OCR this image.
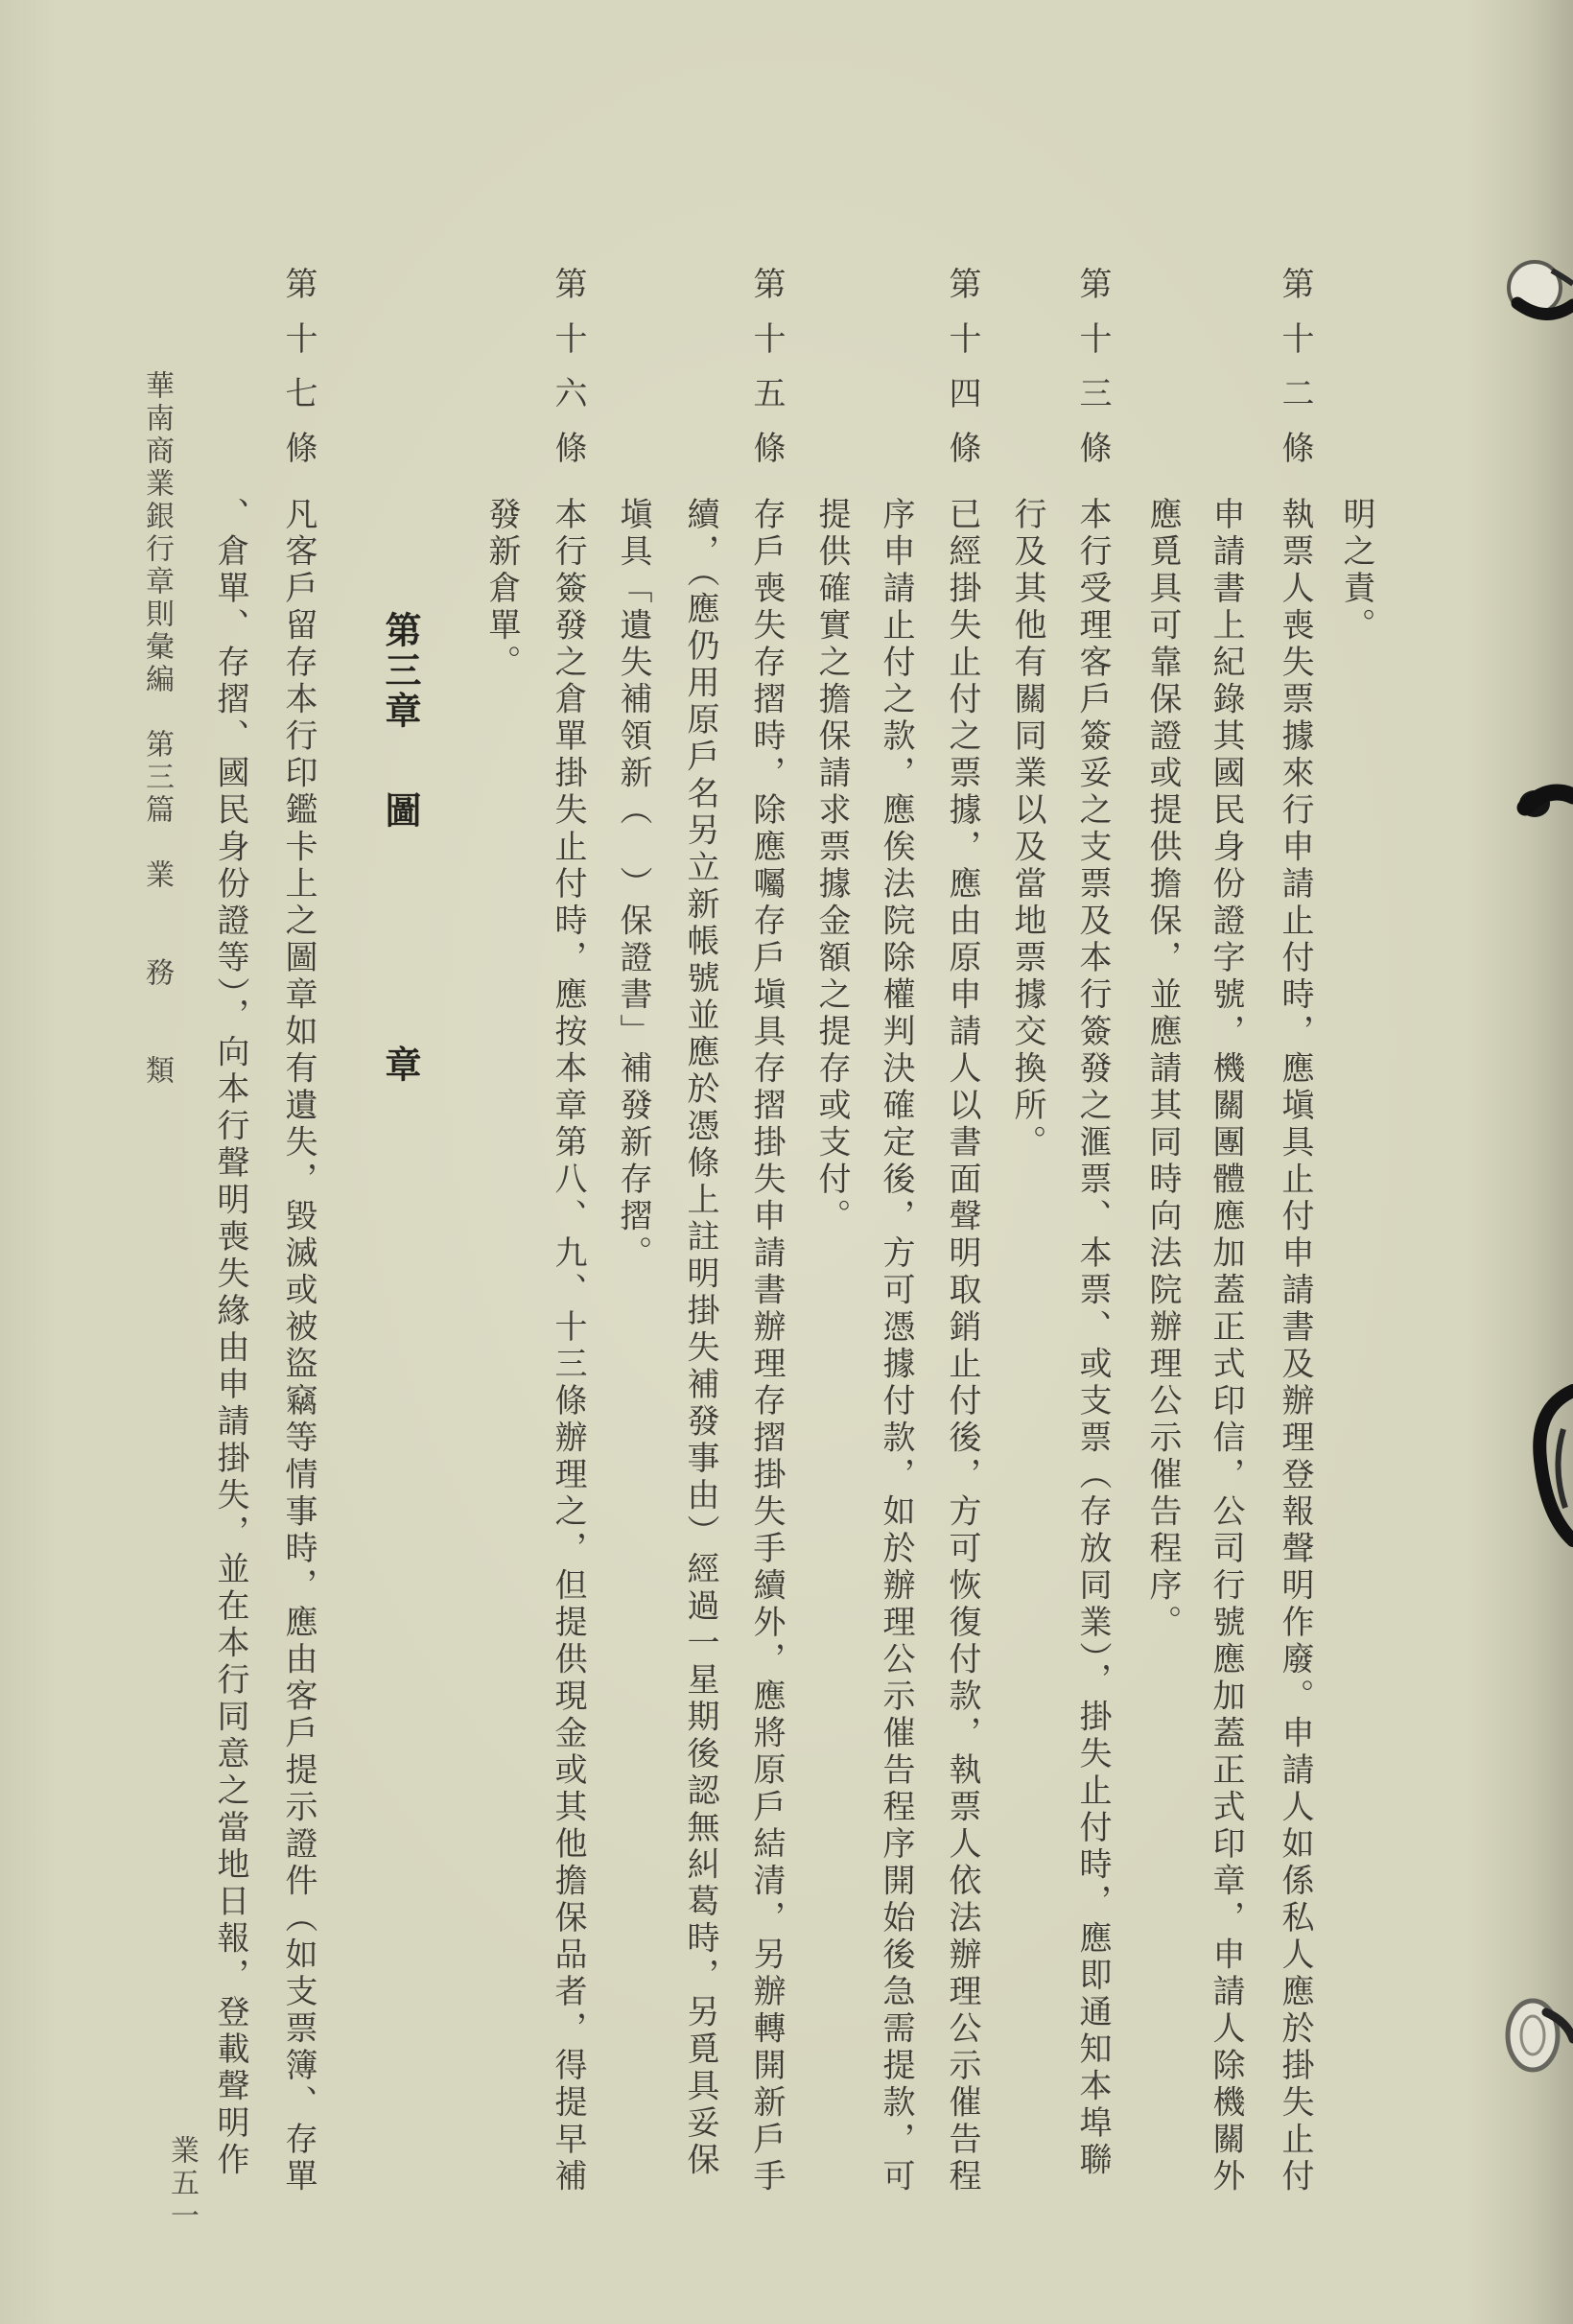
明之責。
第十二條
執票人喪失票據來行申請止付時，應塡具止付申請書及辦理登報聲明作廢。申請人如係私人應於掛失止付
申請書上紀錄其國民身份證字號，機關團體應加蓋正式印信，公司行號應加蓋正式印章，申請人除機關外
應覓具可靠保證或提供擔保，並應請其同時向法院辦理公示催告程序。
第十三條
本行受理客戶簽妥之支票及本行簽發之滙票、本票、或支票（存放同業），掛失止付時，應即通知本埠聯
行及其他有關同業以及當地票據交換所。
第十四條
已經掛失止付之票據，應由原申請人以書面聲明取銷止付後，方可恢復付款，執票人依法辦理公示催告程
序申請止付之款，應俟法院除權判決確定後，方可憑據付款，如於辦理公示催告程序開始後急需提款，可
提供確實之擔保請求票據金額之提存或支付。
第十五條
存戶喪失存摺時，除應囑存戶塡具存摺掛失申請書辦理存摺掛失手續外，應將原戶結清，另辦轉開新戶手
續，（應仍用原戶名另立新帳號並應於憑條上註明掛失補發事由）經過一星期後認無糾葛時，另覓具妥保
塡具「遺失補領新（　）保證書」補發新存摺。
第十六條
本行簽發之倉單掛失止付時，應按本章第八、九、十三條辦理之，但提供現金或其他擔保品者，得提早補
發新倉單。
第三章
圖
章
第十七條
凡客戶留存本行印鑑卡上之圖章如有遺失，毀滅或被盜竊等情事時，應由客戶提示證件（如支票簿、存單
、倉單、存摺、國民身份證等），向本行聲明喪失緣由申請掛失，並在本行同意之當地日報，登載聲明作
華南商業銀行章則彙編　第三篇　業　　務　　類
業五一
